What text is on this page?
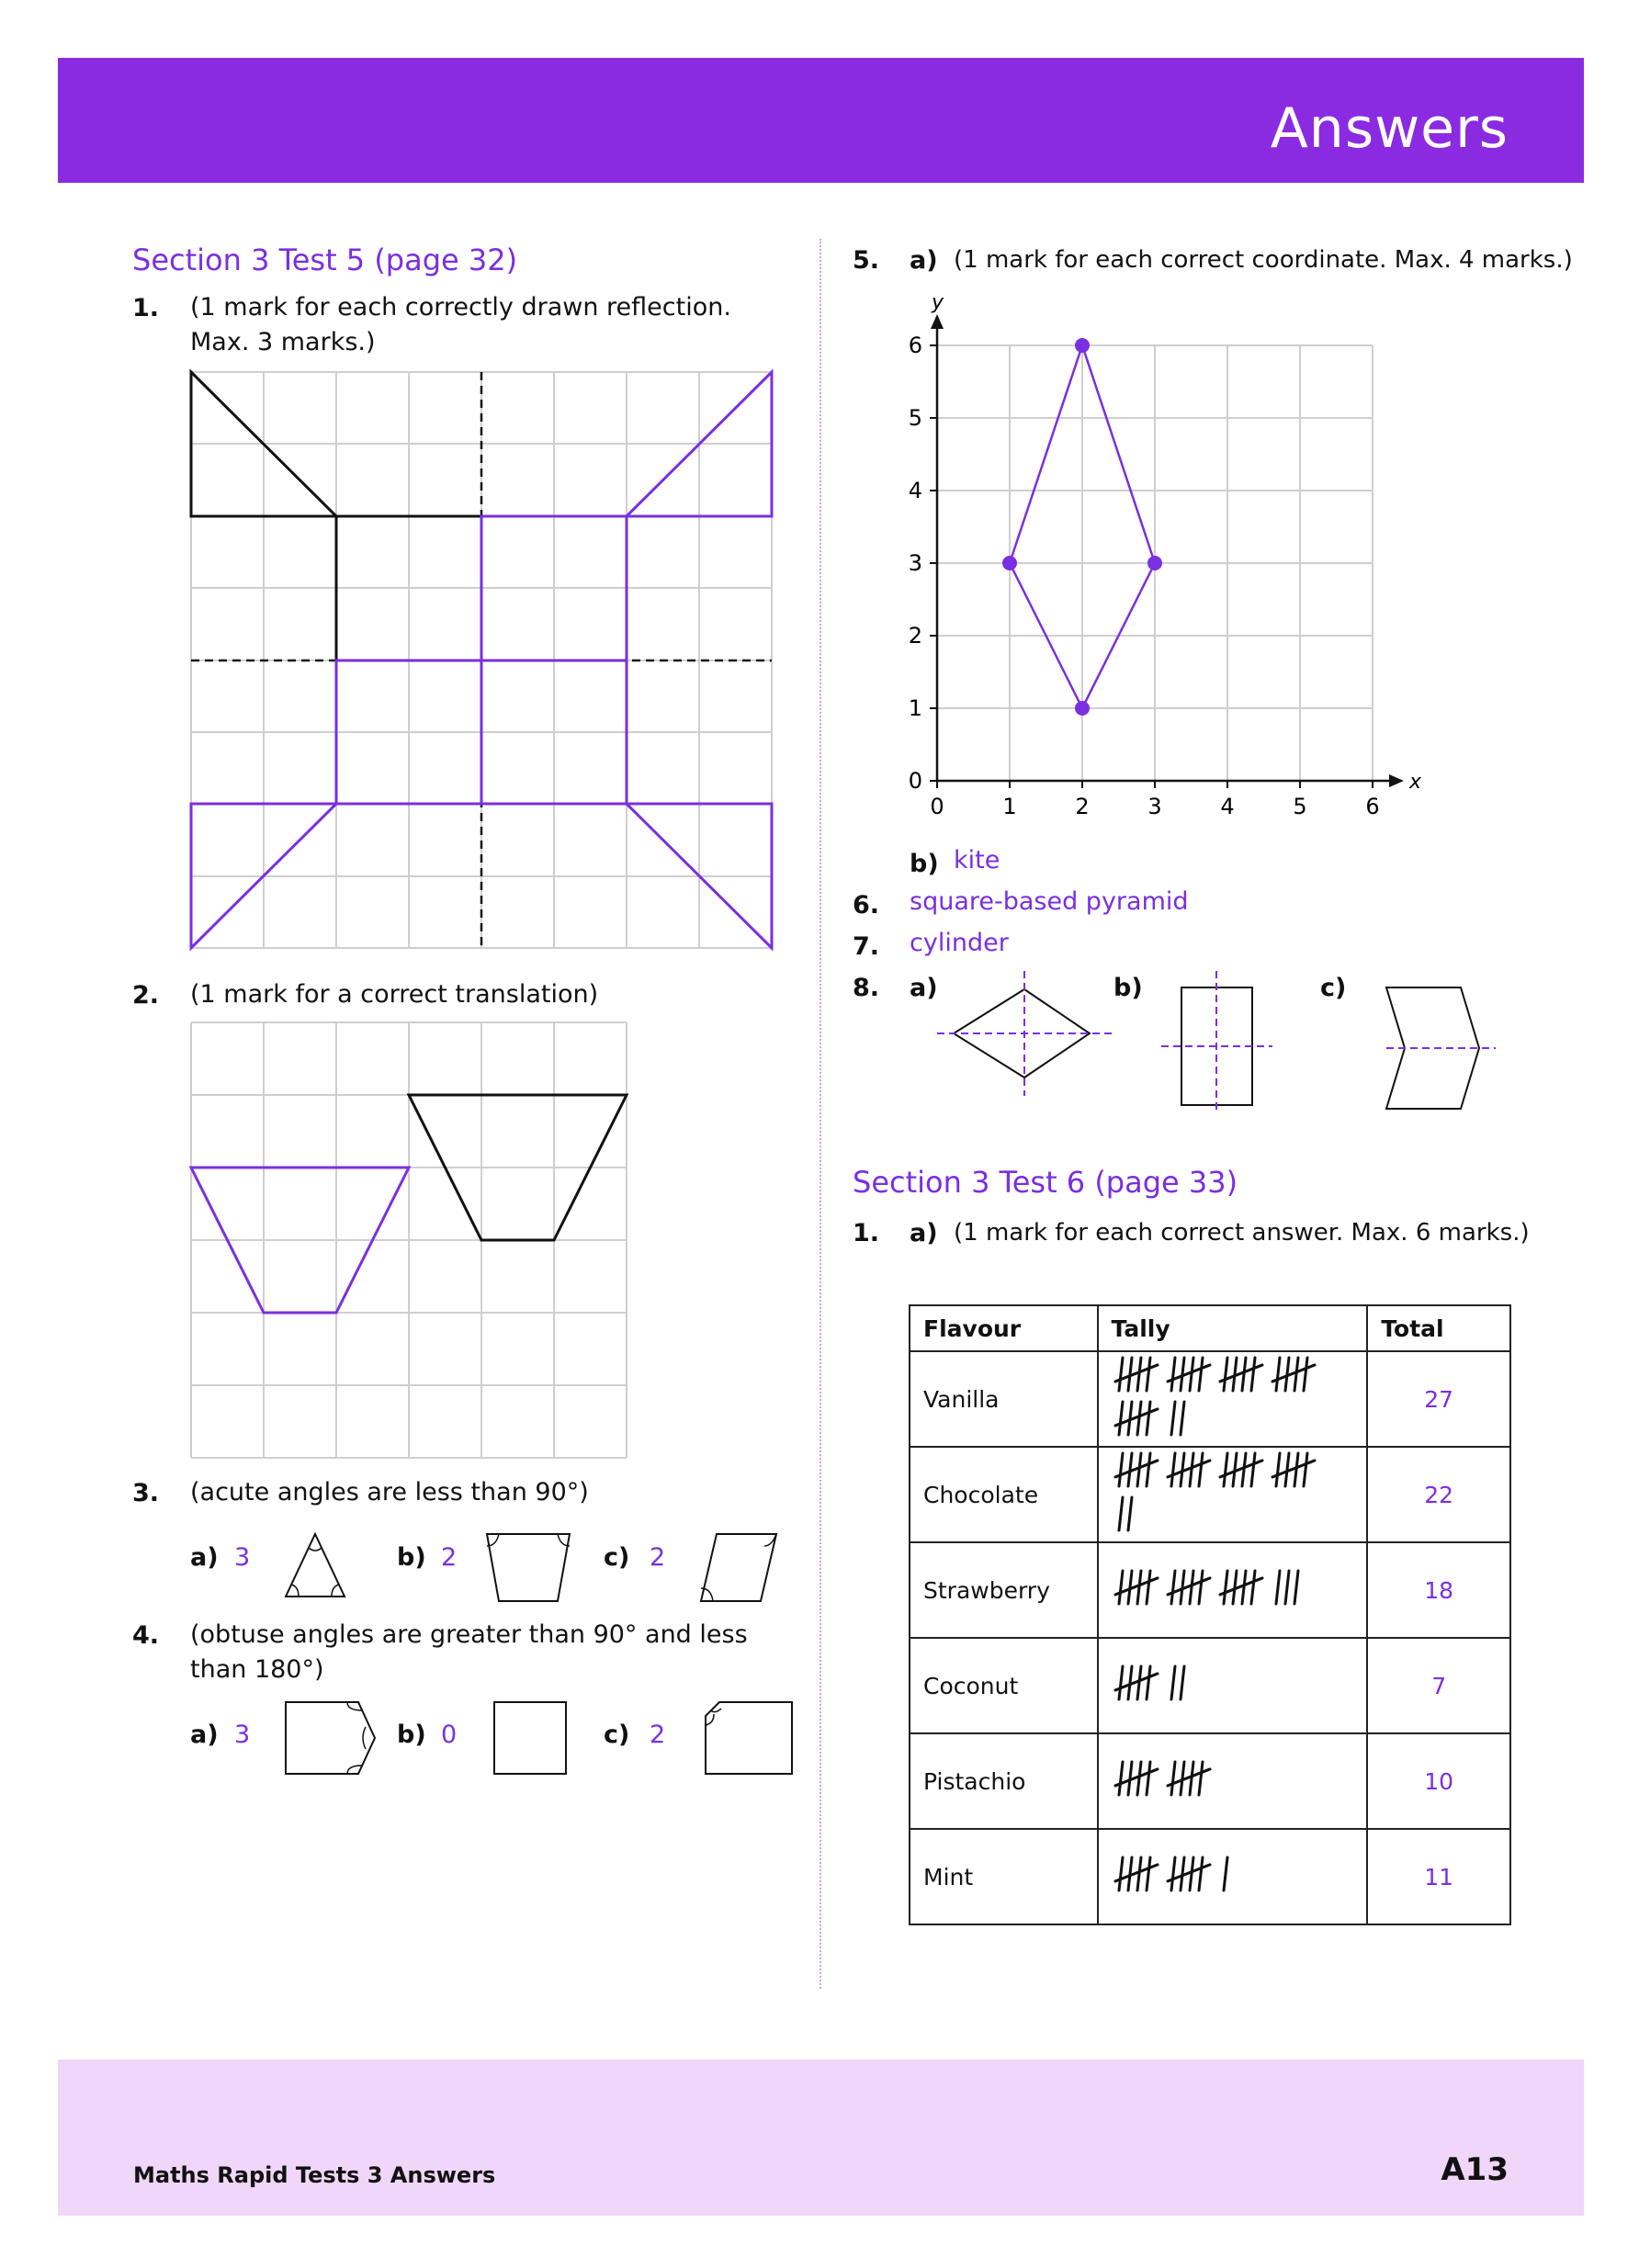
Answers
Section 3 Test 5 (page 32)
1. (1 mark for each correctly drawn reflection. Max. 3 marks.)
2. (1 mark for a correct translation)
3. (acute angles are less than 90°)
a) 3	b) 2	c) 2
4. (obtuse angles are greater than 90° and less than 180°)
a) 3	b) 0	c) 2
5. a) (1 mark for each correct coordinate. Max. 4 marks.)
x
y
0	1	2	3	4	5	6
0
1
2
3
4
5
6
b) kite
6. square-based pyramid
7. cylinder
8. a)	b)	c)
Section 3 Test 6 (page 33)
1. a) (1 mark for each correct answer. Max. 6 marks.)
Flavour	Tally	Total
Vanilla		27
Chocolate		22
Strawberry		18
Coconut		7
Pistachio		10
Mint		11
Maths Rapid Tests 3 Answers	A13
